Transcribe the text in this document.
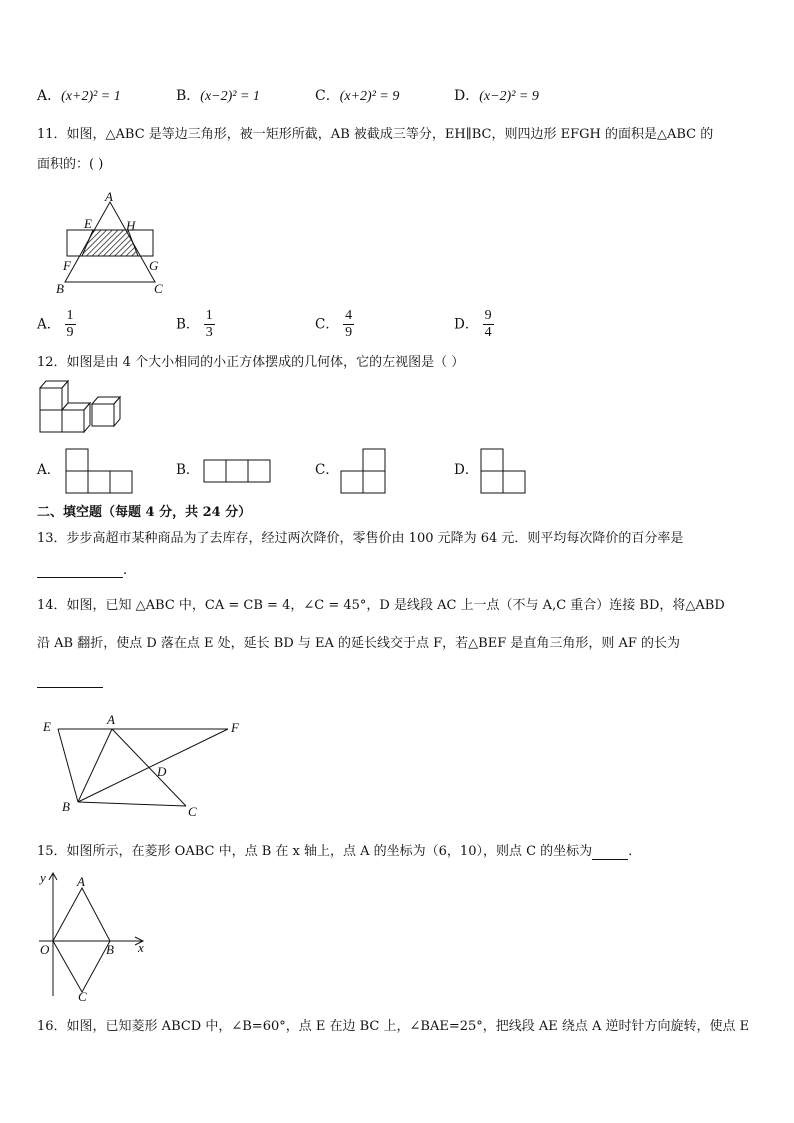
A．(x+2)² = 1	B．(x−2)² = 1	C．(x+2)² = 9	D．(x−2)² = 9
11．如图，△ABC 是等边三角形，被一矩形所截，AB 被截成三等分，EH∥BC，则四边形 EFGH 的面积是△ABC 的
面积的：( )
A
E	H
F	G
B	C
A． $\frac{1}{9}$	B． $\frac{1}{3}$	C． $\frac{4}{9}$	D． $\frac{9}{4}$
12．如图是由 4 个大小相同的小正方体摆成的几何体，它的左视图是（ ）
A．	B．	C．	D．
二、填空题（每题 4 分，共 24 分）
13．步步高超市某种商品为了去库存，经过两次降价，零售价由 100 元降为 64 元．则平均每次降价的百分率是
．
14．如图，已知 △ABC 中，CA = CB = 4，∠C = 45°，D 是线段 AC 上一点（不与 A,C 重合）连接 BD，将△ABD
沿 AB 翻折，使点 D 落在点 E 处，延长 BD 与 EA 的延长线交于点 F，若△BEF 是直角三角形，则 AF 的长为
E	A
F
D
B	C
15．如图所示，在菱形 OABC 中，点 B 在 x 轴上，点 A 的坐标为（6，10），则点 C 的坐标为	．
y A
O	B x
C
16．如图，已知菱形 ABCD 中，∠B=60°，点 E 在边 BC 上，∠BAE=25°，把线段 AE 绕点 A 逆时针方向旋转，使点 E
